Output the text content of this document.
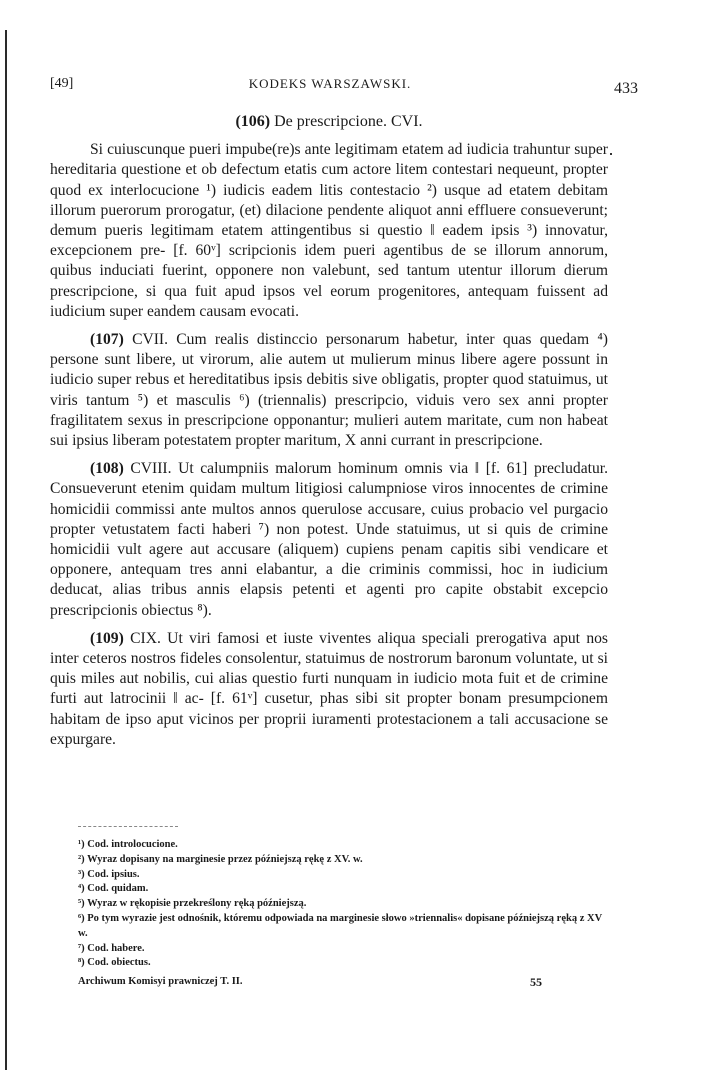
[49]	KODEKS WARSZAWSKI.	433
(106) De prescripcione. CVI.

Si cuiuscunque pueri impube(re)s ante legitimam etatem ad iudicia trahuntur super hereditaria questione et ob defectum etatis cum actore litem contestari nequeunt, propter quod ex interlocucione ¹) iudicis eadem litis contestacio ²) usque ad etatem debitam illorum puerorum prorogatur, (et) dilacione pendente aliquot anni effluere consueverunt; demum pueris legitimam etatem attingentibus si questio ‖ eadem ipsis ³) innovatur, excepcionem pre- [f. 60ᵛ] scripcionis idem pueri agentibus de se illorum annorum, quibus induciati fuerint, opponere non valebunt, sed tantum utentur illorum dierum prescripcione, si qua fuit apud ipsos vel eorum progenitores, antequam fuissent ad iudicium super eandem causam evocati.

(107) CVII. Cum realis distinccio personarum habetur, inter quas quedam ⁴) persone sunt libere, ut virorum, alie autem ut mulierum minus libere agere possunt in iudicio super rebus et hereditatibus ipsis debitis sive obligatis, propter quod statuimus, ut viris tantum ⁵) et masculis ⁶) (triennalis) prescripcio, viduis vero sex anni propter fragilitatem sexus in prescripcione opponantur; mulieri autem maritate, cum non habeat sui ipsius liberam potestatem propter maritum, X anni currant in prescripcione.

(108) CVIII. Ut calumpniis malorum hominum omnis via ‖ [f. 61] precludatur. Consueverunt etenim quidam multum litigiosi calumpniose viros innocentes de crimine homicidii commissi ante multos annos querulose accusare, cuius probacio vel purgacio propter vetustatem facti haberi ⁷) non potest. Unde statuimus, ut si quis de crimine homicidii vult agere aut accusare (aliquem) cupiens penam capitis sibi vendicare et opponere, antequam tres anni elabantur, a die criminis commissi, hoc in iudicium deducat, alias tribus annis elapsis petenti et agenti pro capite obstabit excepcio prescripcionis obiectus ⁸).

(109) CIX. Ut viri famosi et iuste viventes aliqua speciali prerogativa aput nos inter ceteros nostros fideles consolentur, statuimus de nostrorum baronum voluntate, ut si quis miles aut nobilis, cui alias questio furti nunquam in iudicio mota fuit et de crimine furti aut latrocinii ‖ ac- [f. 61ᵛ] cusetur, phas sibi sit propter bonam presumpcionem habitam de ipso aput vicinos per proprii iuramenti protestacionem a tali accusacione se expurgare.

¹) Cod. introlocucione.

²) Wyraz dopisany na marginesie przez późniejszą rękę z XV. w.

³) Cod. ipsius.

⁴) Cod. quidam.

⁵) Wyraz w rękopisie przekreślony ręką późniejszą.

⁶) Po tym wyrazie jest odnośnik, któremu odpowiada na marginesie słowo »triennalis« dopisane późniejszą ręką z XV w.

⁷) Cod. habere.

⁸) Cod. obiectus.

Archiwum Komisyi prawniczej T. II.	55
